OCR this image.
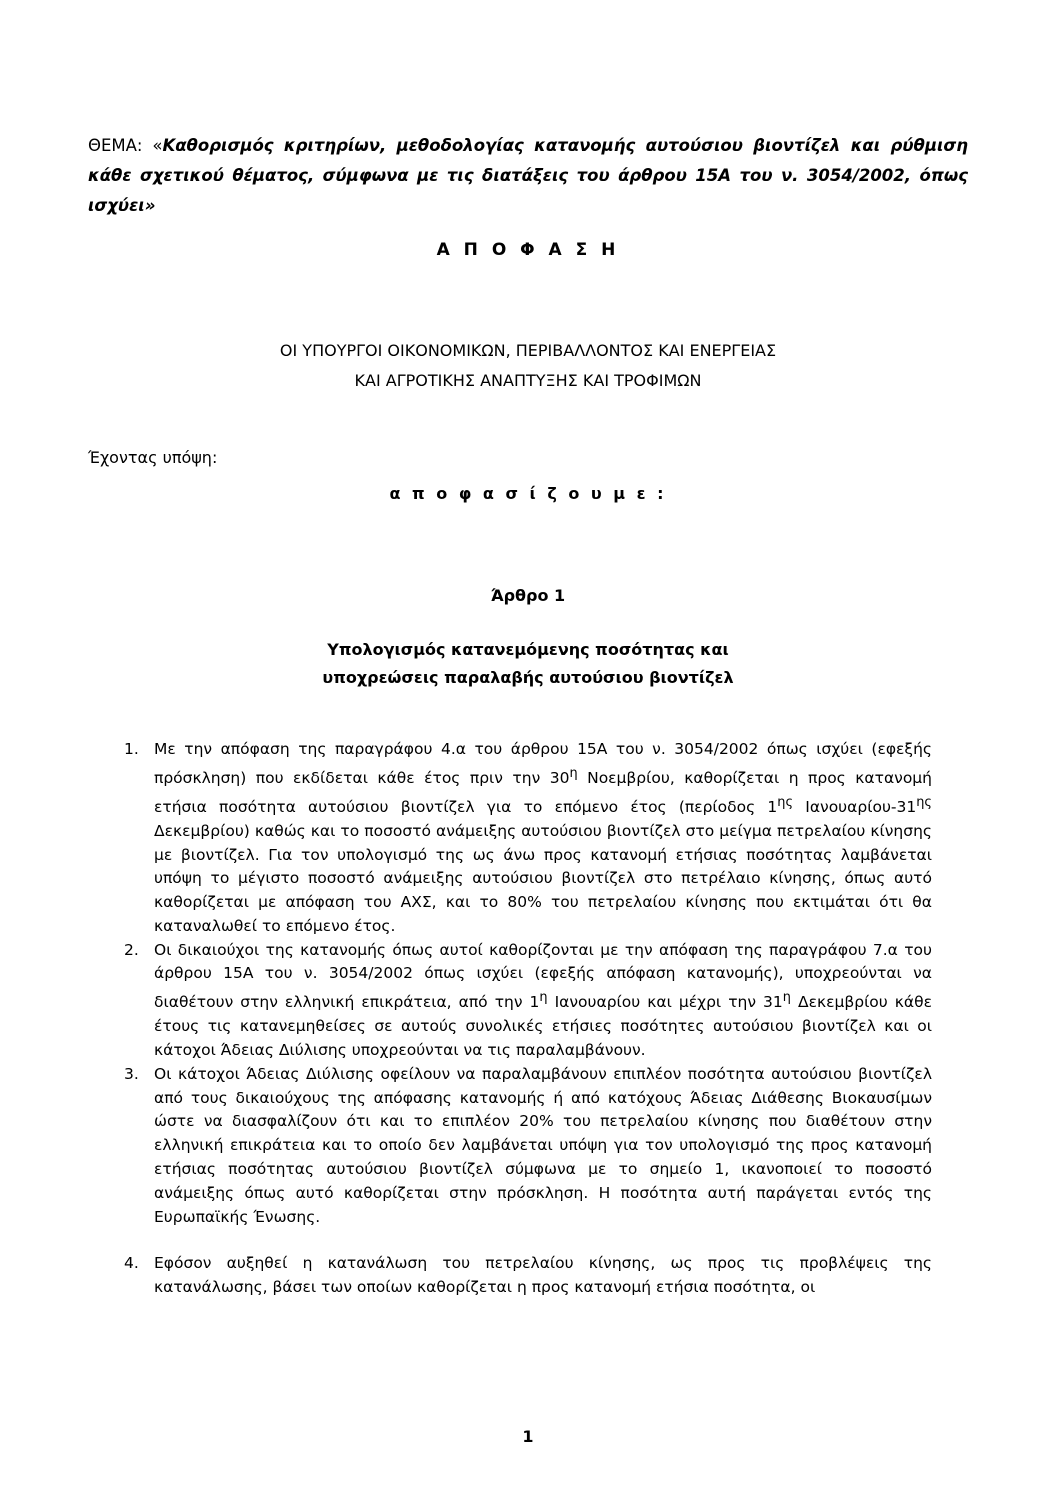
ΘΕΜΑ: «Καθορισμός κριτηρίων, μεθοδολογίας κατανομής αυτούσιου βιοντίζελ και ρύθμιση κάθε σχετικού θέματος, σύμφωνα με τις διατάξεις του άρθρου 15Α του ν. 3054/2002, όπως ισχύει»
Α Π Ο Φ Α Σ Η
ΟΙ ΥΠΟΥΡΓΟΙ ΟΙΚΟΝΟΜΙΚΩΝ, ΠΕΡΙΒΑΛΛΟΝΤΟΣ ΚΑΙ ΕΝΕΡΓΕΙΑΣ
ΚΑΙ ΑΓΡΟΤΙΚΗΣ ΑΝΑΠΤΥΞΗΣ ΚΑΙ ΤΡΟΦΙΜΩΝ
Έχοντας υπόψη:
α π ο φ α σ ί ζ ο υ μ ε :
Άρθρο 1
Υπολογισμός κατανεμόμενης ποσότητας και
υποχρεώσεις παραλαβής αυτούσιου βιοντίζελ
1. Με την απόφαση της παραγράφου 4.α του άρθρου 15Α του ν. 3054/2002 όπως ισχύει (εφεξής πρόσκληση) που εκδίδεται κάθε έτος πριν την $30^\eta$ Νοεμβρίου, καθορίζεται η προς κατανομή ετήσια ποσότητα αυτούσιου βιοντίζελ για το επόμενο έτος (περίοδος $1^{\eta\varsigma}$ Ιανουαρίου-$31^{\eta\varsigma}$ Δεκεμβρίου) καθώς και το ποσοστό ανάμειξης αυτούσιου βιοντίζελ στο μείγμα πετρελαίου κίνησης με βιοντίζελ. Για τον υπολογισμό της ως άνω προς κατανομή ετήσιας ποσότητας λαμβάνεται υπόψη το μέγιστο ποσοστό ανάμειξης αυτούσιου βιοντίζελ στο πετρέλαιο κίνησης, όπως αυτό καθορίζεται με απόφαση του ΑΧΣ, και το 80% του πετρελαίου κίνησης που εκτιμάται ότι θα καταναλωθεί το επόμενο έτος.
2. Οι δικαιούχοι της κατανομής όπως αυτοί καθορίζονται με την απόφαση της παραγράφου 7.α του άρθρου 15Α του ν. 3054/2002 όπως ισχύει (εφεξής απόφαση κατανομής), υποχρεούνται να διαθέτουν στην ελληνική επικράτεια, από την $1^\eta$ Ιανουαρίου και μέχρι την $31^\eta$ Δεκεμβρίου κάθε έτους τις κατανεμηθείσες σε αυτούς συνολικές ετήσιες ποσότητες αυτούσιου βιοντίζελ και οι κάτοχοι Άδειας Διύλισης υποχρεούνται να τις παραλαμβάνουν.
3. Οι κάτοχοι Άδειας Διύλισης οφείλουν να παραλαμβάνουν επιπλέον ποσότητα αυτούσιου βιοντίζελ από τους δικαιούχους της απόφασης κατανομής ή από κατόχους Άδειας Διάθεσης Βιοκαυσίμων ώστε να διασφαλίζουν ότι και το επιπλέον 20% του πετρελαίου κίνησης που διαθέτουν στην ελληνική επικράτεια και το οποίο δεν λαμβάνεται υπόψη για τον υπολογισμό της προς κατανομή ετήσιας ποσότητας αυτούσιου βιοντίζελ σύμφωνα με το σημείο 1, ικανοποιεί το ποσοστό ανάμειξης όπως αυτό καθορίζεται στην πρόσκληση. Η ποσότητα αυτή παράγεται εντός της Ευρωπαϊκής Ένωσης.
4. Εφόσον αυξηθεί η κατανάλωση του πετρελαίου κίνησης, ως προς τις προβλέψεις της κατανάλωσης, βάσει των οποίων καθορίζεται η προς κατανομή ετήσια ποσότητα, οι
1
